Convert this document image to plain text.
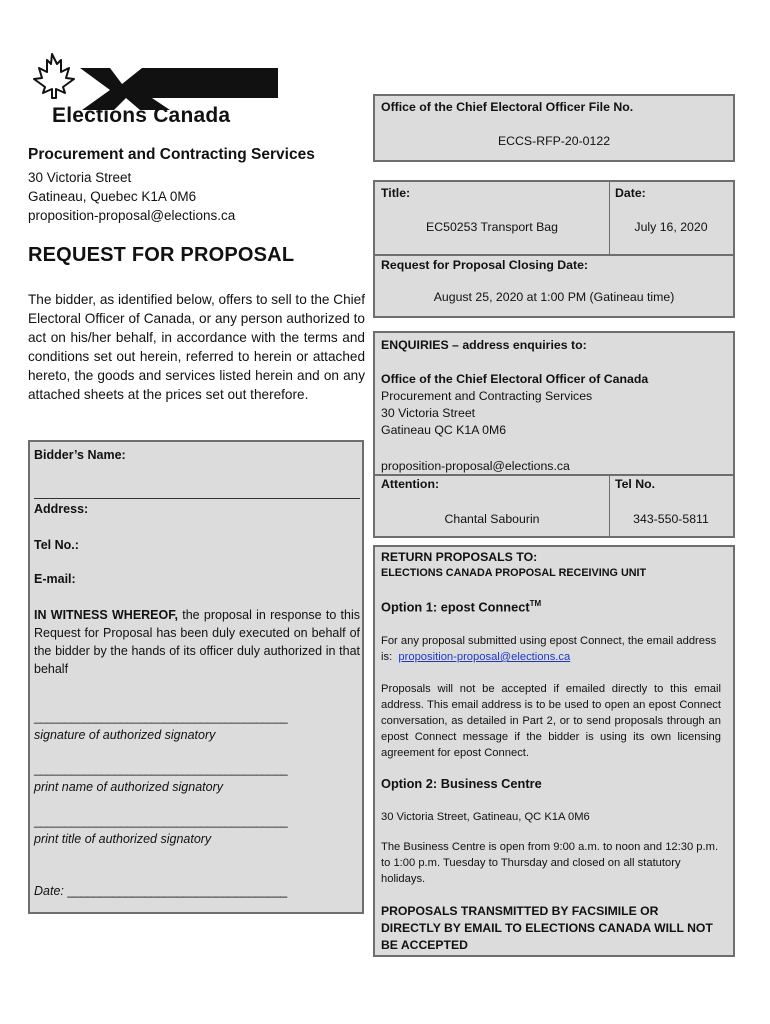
Elections Canada
Procurement and Contracting Services
30 Victoria Street
Gatineau, Quebec K1A 0M6
proposition-proposal@elections.ca
REQUEST FOR PROPOSAL
The bidder, as identified below, offers to sell to the Chief Electoral Officer of Canada, or any person authorized to act on his/her behalf, in accordance with the terms and conditions set out herein, referred to herein or attached hereto, the goods and services listed herein and on any attached sheets at the prices set out therefore.
Bidder’s Name:
Address:
Tel No.:
E-mail:
IN WITNESS WHEREOF, the proposal in response to this Request for Proposal has been duly executed on behalf of the bidder by the hands of its officer duly authorized in that behalf
_________________________________________
signature of authorized signatory
_________________________________________
print name of authorized signatory
_________________________________________
print title of authorized signatory
Date: __________________________________
Office of the Chief Electoral Officer File No.
ECCS-RFP-20-0122
Title:	Date:
EC50253 Transport Bag	July 16, 2020
Request for Proposal Closing Date:
August 25, 2020 at 1:00 PM (Gatineau time)
ENQUIRIES – address enquiries to:
Office of the Chief Electoral Officer of Canada
Procurement and Contracting Services
30 Victoria Street
Gatineau QC K1A 0M6
proposition-proposal@elections.ca
Attention:	Tel No.
Chantal Sabourin	343-550-5811
RETURN PROPOSALS TO:
ELECTIONS CANADA PROPOSAL RECEIVING UNIT
Option 1: epost Connect™
For any proposal submitted using epost Connect, the email address is: proposition-proposal@elections.ca
Proposals will not be accepted if emailed directly to this email address. This email address is to be used to open an epost Connect conversation, as detailed in Part 2, or to send proposals through an epost Connect message if the bidder is using its own licensing agreement for epost Connect.
Option 2: Business Centre
30 Victoria Street, Gatineau, QC K1A 0M6
The Business Centre is open from 9:00 a.m. to noon and 12:30 p.m. to 1:00 p.m. Tuesday to Thursday and closed on all statutory holidays.
PROPOSALS TRANSMITTED BY FACSIMILE OR DIRECTLY BY EMAIL TO ELECTIONS CANADA WILL NOT BE ACCEPTED
